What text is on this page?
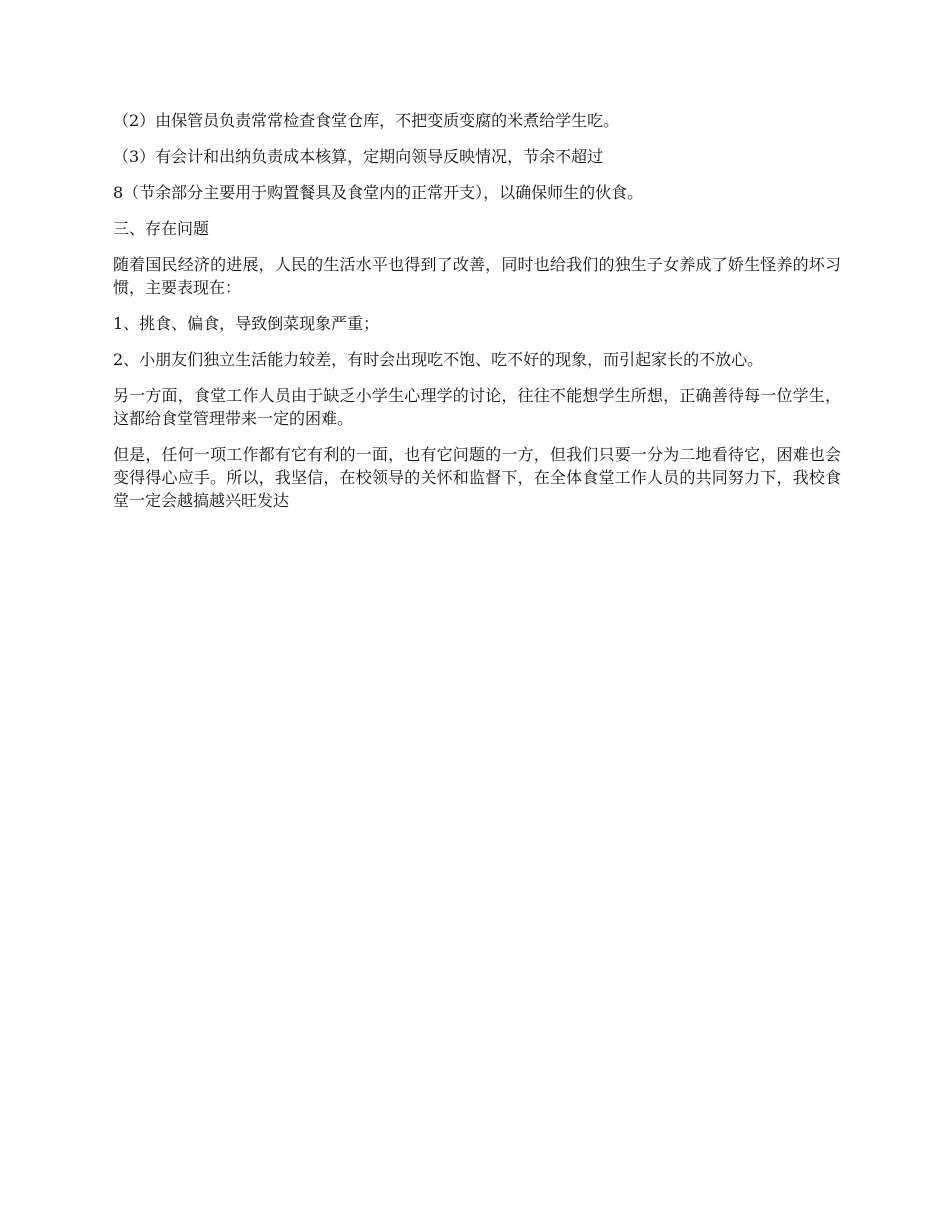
（2）由保管员负责常常检查食堂仓库，不把变质变腐的米煮给学生吃。

（3）有会计和出纳负责成本核算，定期向领导反映情况，节余不超过

8（节余部分主要用于购置餐具及食堂内的正常开支），以确保师生的伙食。

三、存在问题

随着国民经济的进展，人民的生活水平也得到了改善，同时也给我们的独生子女养成了娇生怪养的坏习惯，主要表现在：

1、挑食、偏食，导致倒菜现象严重；

2、小朋友们独立生活能力较差，有时会出现吃不饱、吃不好的现象，而引起家长的不放心。

另一方面，食堂工作人员由于缺乏小学生心理学的讨论，往往不能想学生所想，正确善待每一位学生，这都给食堂管理带来一定的困难。

但是，任何一项工作都有它有利的一面，也有它问题的一方，但我们只要一分为二地看待它，困难也会变得得心应手。所以，我坚信，在校领导的关怀和监督下，在全体食堂工作人员的共同努力下，我校食堂一定会越搞越兴旺发达
